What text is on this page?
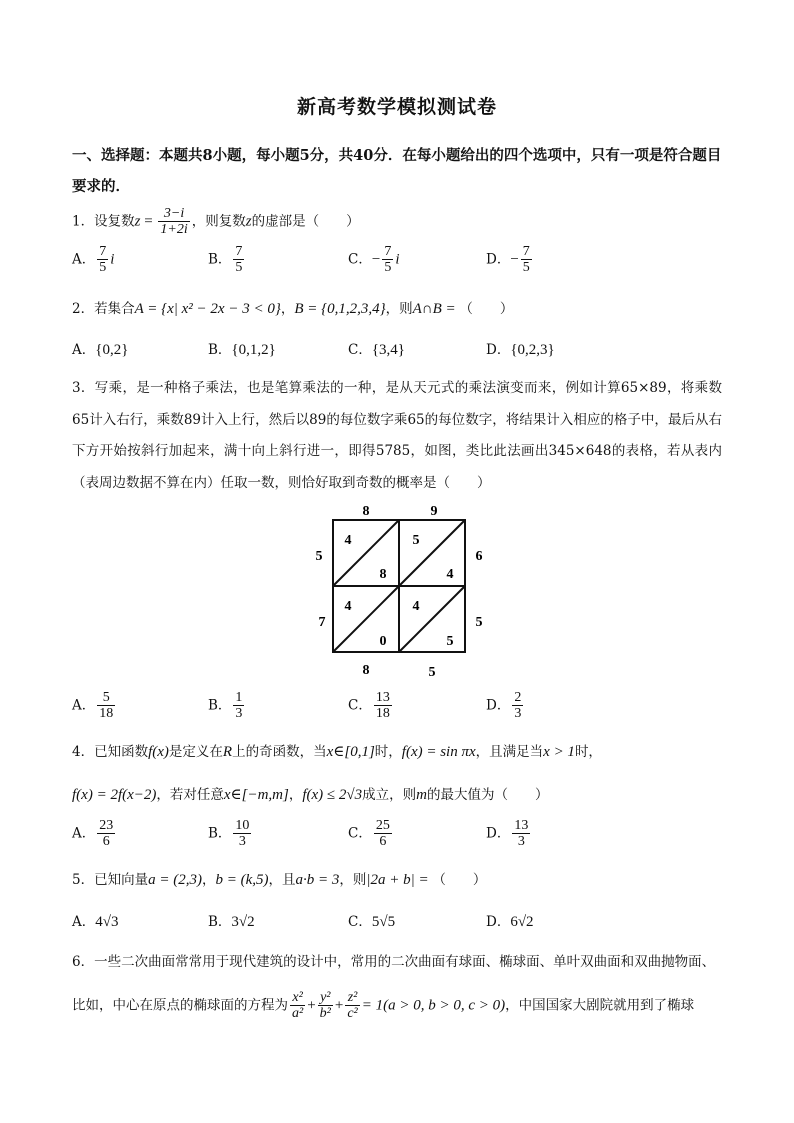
新高考数学模拟测试卷
一、选择题：本题共8小题，每小题5分，共40分．在每小题给出的四个选项中，只有一项是符合题目要求的．
1．设复数$z = \frac{3-i}{1+2i}$ ，则复数z的虚部是（　　）
A． $\frac{7}{5}$ i	B． $\frac{7}{5}$	C．− $\frac{7}{5}$ i	D．− $\frac{7}{5}$
2．若集合A = {x| x² − 2x − 3 < 0}，B = {0,1,2,3,4}，则A∩B = （　　）
A．{0,2}	B．{0,1,2}	C．{3,4}	D．{0,2,3}
3．写乘，是一种格子乘法，也是笔算乘法的一种，是从天元式的乘法演变而来，例如计算65×89，将乘数65计入右行，乘数89计入上行，然后以89的每位数字乘65的每位数字，将结果计入相应的格子中，最后从右下方开始按斜行加起来，满十向上斜行进一，即得5785，如图，类比此法画出345×648的表格，若从表内（表周边数据不算在内）任取一数，则恰好取到奇数的概率是（　　）
8	9
5
7
6
5
8	5
4
8
5
4
4
0
4
5
A． $\frac{5}{18}$	B． $\frac{1}{3}$	C． $\frac{13}{18}$	D． $\frac{2}{3}$
4．已知函数f(x)是定义在R上的奇函数，当x∈[0,1]时，f(x) = sin πx，且满足当x > 1时，
f(x) = 2f(x−2)，若对任意x∈[−m,m]，f(x) ≤ 2√3成立，则m的最大值为（　　）
A． $\frac{23}{6}$	B． $\frac{10}{3}$	C． $\frac{25}{6}$	D． $\frac{13}{3}$
5．已知向量a = (2,3)，b = (k,5)，且a·b = 3，则|2a + b| = （　　）
A．4√3	B．3√2	C．5√5	D．6√2
6．一些二次曲面常常用于现代建筑的设计中，常用的二次曲面有球面、椭球面、单叶双曲面和双曲抛物面、
比如，中心在原点的椭球面的方程为 $\frac{\text{x²}}{\text{a²}} + \frac{\text{y²}}{\text{b²}} + \frac{\text{z²}}{\text{c²}} = 1(a > 0$, b > 0, c > 0)，中国国家大剧院就用到了椭球
